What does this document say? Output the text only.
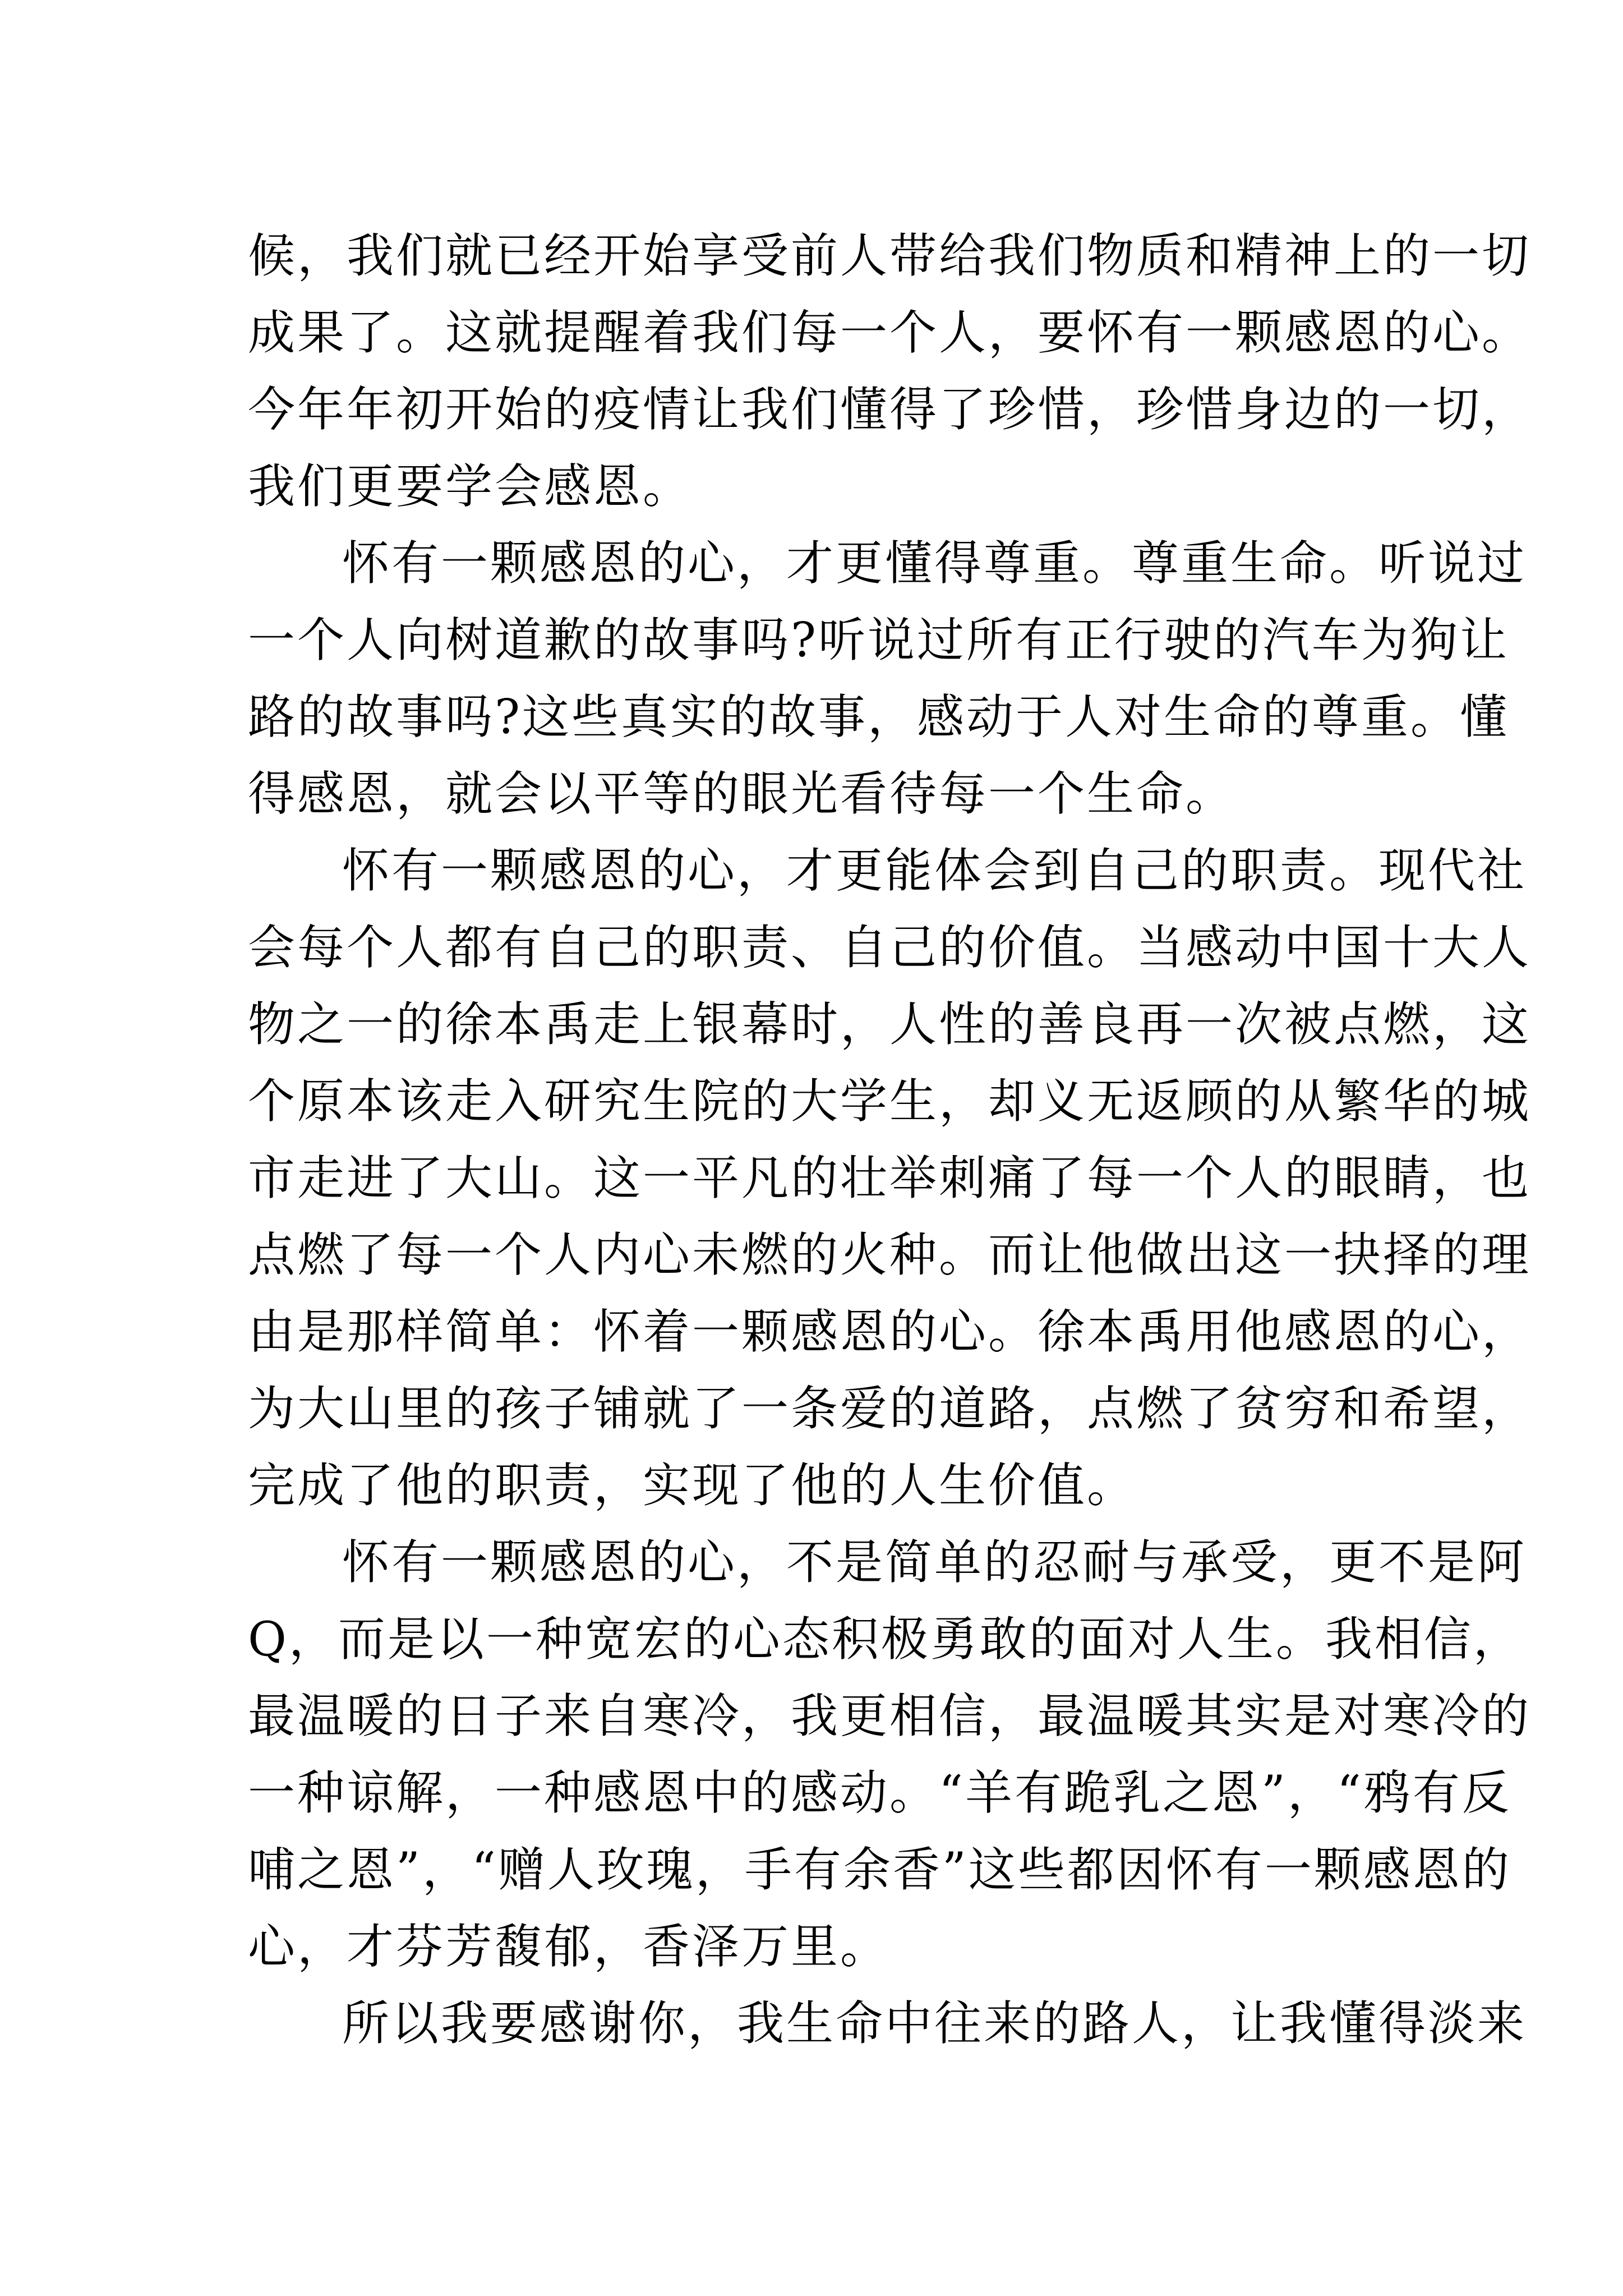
候，我们就已经开始享受前人带给我们物质和精神上的一切
成果了。这就提醒着我们每一个人，要怀有一颗感恩的心。
今年年初开始的疫情让我们懂得了珍惜，珍惜身边的一切，
我们更要学会感恩。
怀有一颗感恩的心，才更懂得尊重。尊重生命。听说过
一个人向树道歉的故事吗?听说过所有正行驶的汽车为狗让
路的故事吗?这些真实的故事，感动于人对生命的尊重。懂
得感恩，就会以平等的眼光看待每一个生命。
怀有一颗感恩的心，才更能体会到自己的职责。现代社
会每个人都有自己的职责、自己的价值。当感动中国十大人
物之一的徐本禹走上银幕时，人性的善良再一次被点燃，这
个原本该走入研究生院的大学生，却义无返顾的从繁华的城
市走进了大山。这一平凡的壮举刺痛了每一个人的眼睛，也
点燃了每一个人内心未燃的火种。而让他做出这一抉择的理
由是那样简单：怀着一颗感恩的心。徐本禹用他感恩的心，
为大山里的孩子铺就了一条爱的道路，点燃了贫穷和希望，
完成了他的职责，实现了他的人生价值。
怀有一颗感恩的心，不是简单的忍耐与承受，更不是阿
Q，而是以一种宽宏的心态积极勇敢的面对人生。我相信，
最温暖的日子来自寒冷，我更相信，最温暖其实是对寒冷的
一种谅解，一种感恩中的感动。“羊有跪乳之恩”，“鸦有反
哺之恩”，“赠人玫瑰，手有余香”这些都因怀有一颗感恩的
心，才芬芳馥郁，香泽万里。
所以我要感谢你，我生命中往来的路人，让我懂得淡来
